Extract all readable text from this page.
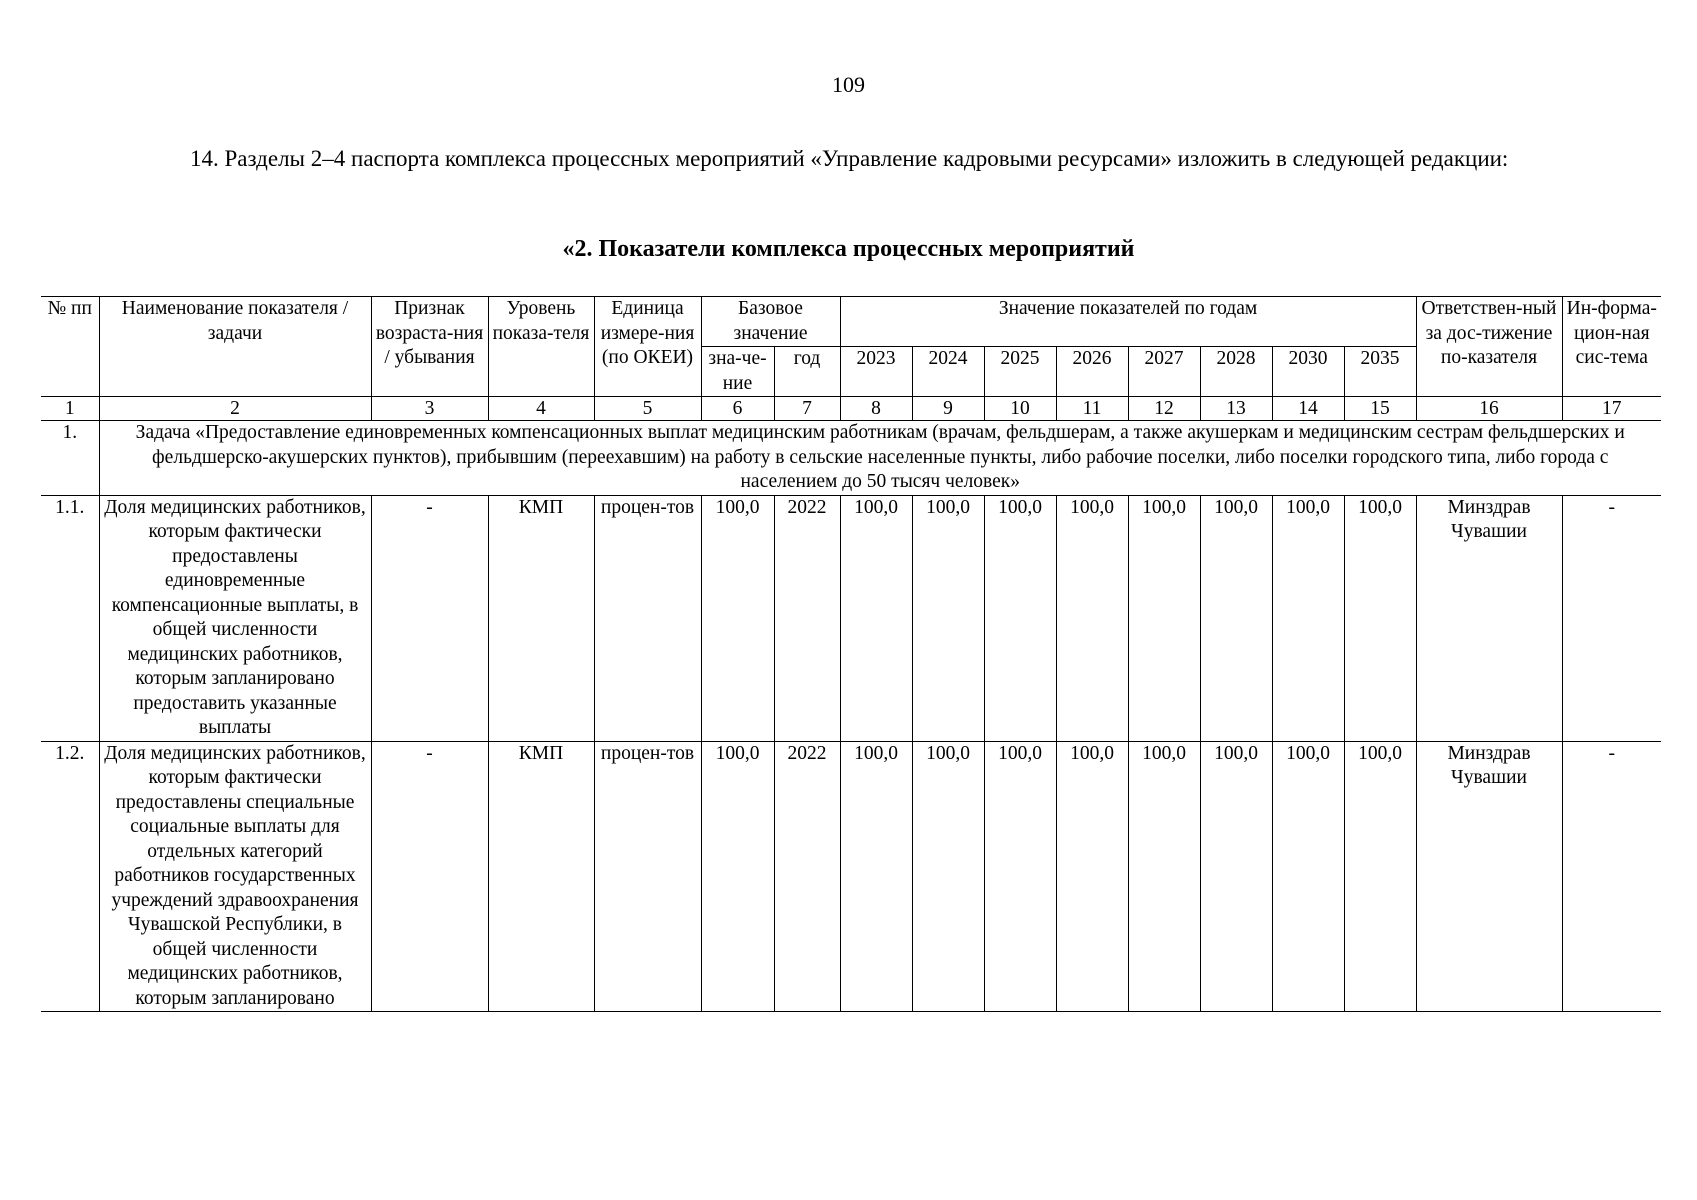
109
14. Разделы 2–4 паспорта комплекса процессных мероприятий «Управление кадровыми ресурсами» изложить в следующей редакции:
«2. Показатели комплекса процессных мероприятий
№ пп	Наименование показателя / задачи	Признак возраста-ния / убывания	Уровень показа-теля	Единица измере-ния (по ОКЕИ)	Базовое значение		Значение показателей по годам								Ответствен-ный за дос-тижение по-казателя	Ин-форма-цион-ная сис-тема
					зна-че-ние	год	2023	2024	2025	2026	2027	2028	2030	2035		
1	2	3	4	5	6	7	8	9	10	11	12	13	14	15	16	17
1.	Задача «Предоставление единовременных компенсационных выплат медицинским работникам (врачам, фельдшерам, а также акушеркам и медицинским сестрам фельдшерских и фельдшерско-акушерских пунктов), прибывшим (переехавшим) на работу в сельские населенные пункты, либо рабочие поселки, либо поселки городского типа, либо города с населением до 50 тысяч человек»															
1.1.	Доля медицинских работников, которым фактически предоставлены единовременные компенсационные выплаты, в общей численности медицинских работников, которым запланировано предоставить указанные выплаты	-	КМП	процен-тов	100,0	2022	100,0	100,0	100,0	100,0	100,0	100,0	100,0	100,0	Минздрав Чувашии	-
1.2.	Доля медицинских работников, которым фактически предоставлены специальные социальные выплаты для отдельных категорий работников государственных учреждений здравоохранения Чувашской Республики, в общей численности медицинских работников, которым запланировано	-	КМП	процен-тов	100,0	2022	100,0	100,0	100,0	100,0	100,0	100,0	100,0	100,0	Минздрав Чувашии	-
